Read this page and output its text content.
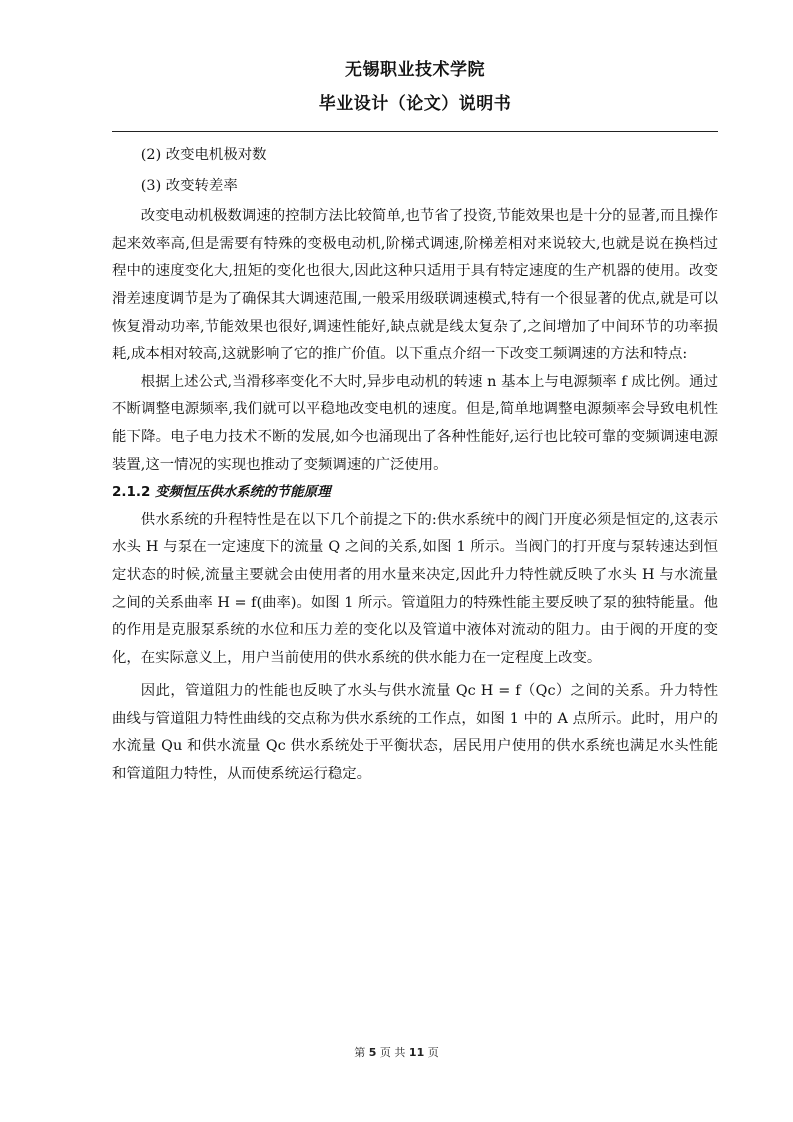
无锡职业技术学院
毕业设计（论文）说明书

(2) 改变电机极对数

(3) 改变转差率

改变电动机极数调速的控制方法比较简单,也节省了投资,节能效果也是十分的显著,而且操作起来效率高,但是需要有特殊的变极电动机,阶梯式调速,阶梯差相对来说较大,也就是说在换档过程中的速度变化大,扭矩的变化也很大,因此这种只适用于具有特定速度的生产机器的使用。改变滑差速度调节是为了确保其大调速范围,一般采用级联调速模式,特有一个很显著的优点,就是可以恢复滑动功率,节能效果也很好,调速性能好,缺点就是线太复杂了,之间增加了中间环节的功率损耗,成本相对较高,这就影响了它的推广价值。以下重点介绍一下改变工频调速的方法和特点:

根据上述公式,当滑移率变化不大时,异步电动机的转速 n 基本上与电源频率 f 成比例。通过不断调整电源频率,我们就可以平稳地改变电机的速度。但是,简单地调整电源频率会导致电机性能下降。电子电力技术不断的发展,如今也涌现出了各种性能好,运行也比较可靠的变频调速电源装置,这一情况的实现也推动了变频调速的广泛使用。

2.1.2 变频恒压供水系统的节能原理

供水系统的升程特性是在以下几个前提之下的:供水系统中的阀门开度必须是恒定的,这表示水头 H 与泵在一定速度下的流量 Q 之间的关系,如图 1 所示。当阀门的打开度与泵转速达到恒定状态的时候,流量主要就会由使用者的用水量来决定,因此升力特性就反映了水头 H 与水流量之间的关系曲率 H = f(曲率)。如图 1 所示。管道阻力的特殊性能主要反映了泵的独特能量。他的作用是克服泵系统的水位和压力差的变化以及管道中液体对流动的阻力。由于阀的开度的变化，在实际意义上，用户当前使用的供水系统的供水能力在一定程度上改变。

因此，管道阻力的性能也反映了水头与供水流量 Qc H = f（Qc）之间的关系。升力特性曲线与管道阻力特性曲线的交点称为供水系统的工作点，如图 1 中的 A 点所示。此时，用户的水流量 Qu 和供水流量 Qc 供水系统处于平衡状态，居民用户使用的供水系统也满足水头性能和管道阻力特性，从而使系统运行稳定。

第 5 页 共 11 页
